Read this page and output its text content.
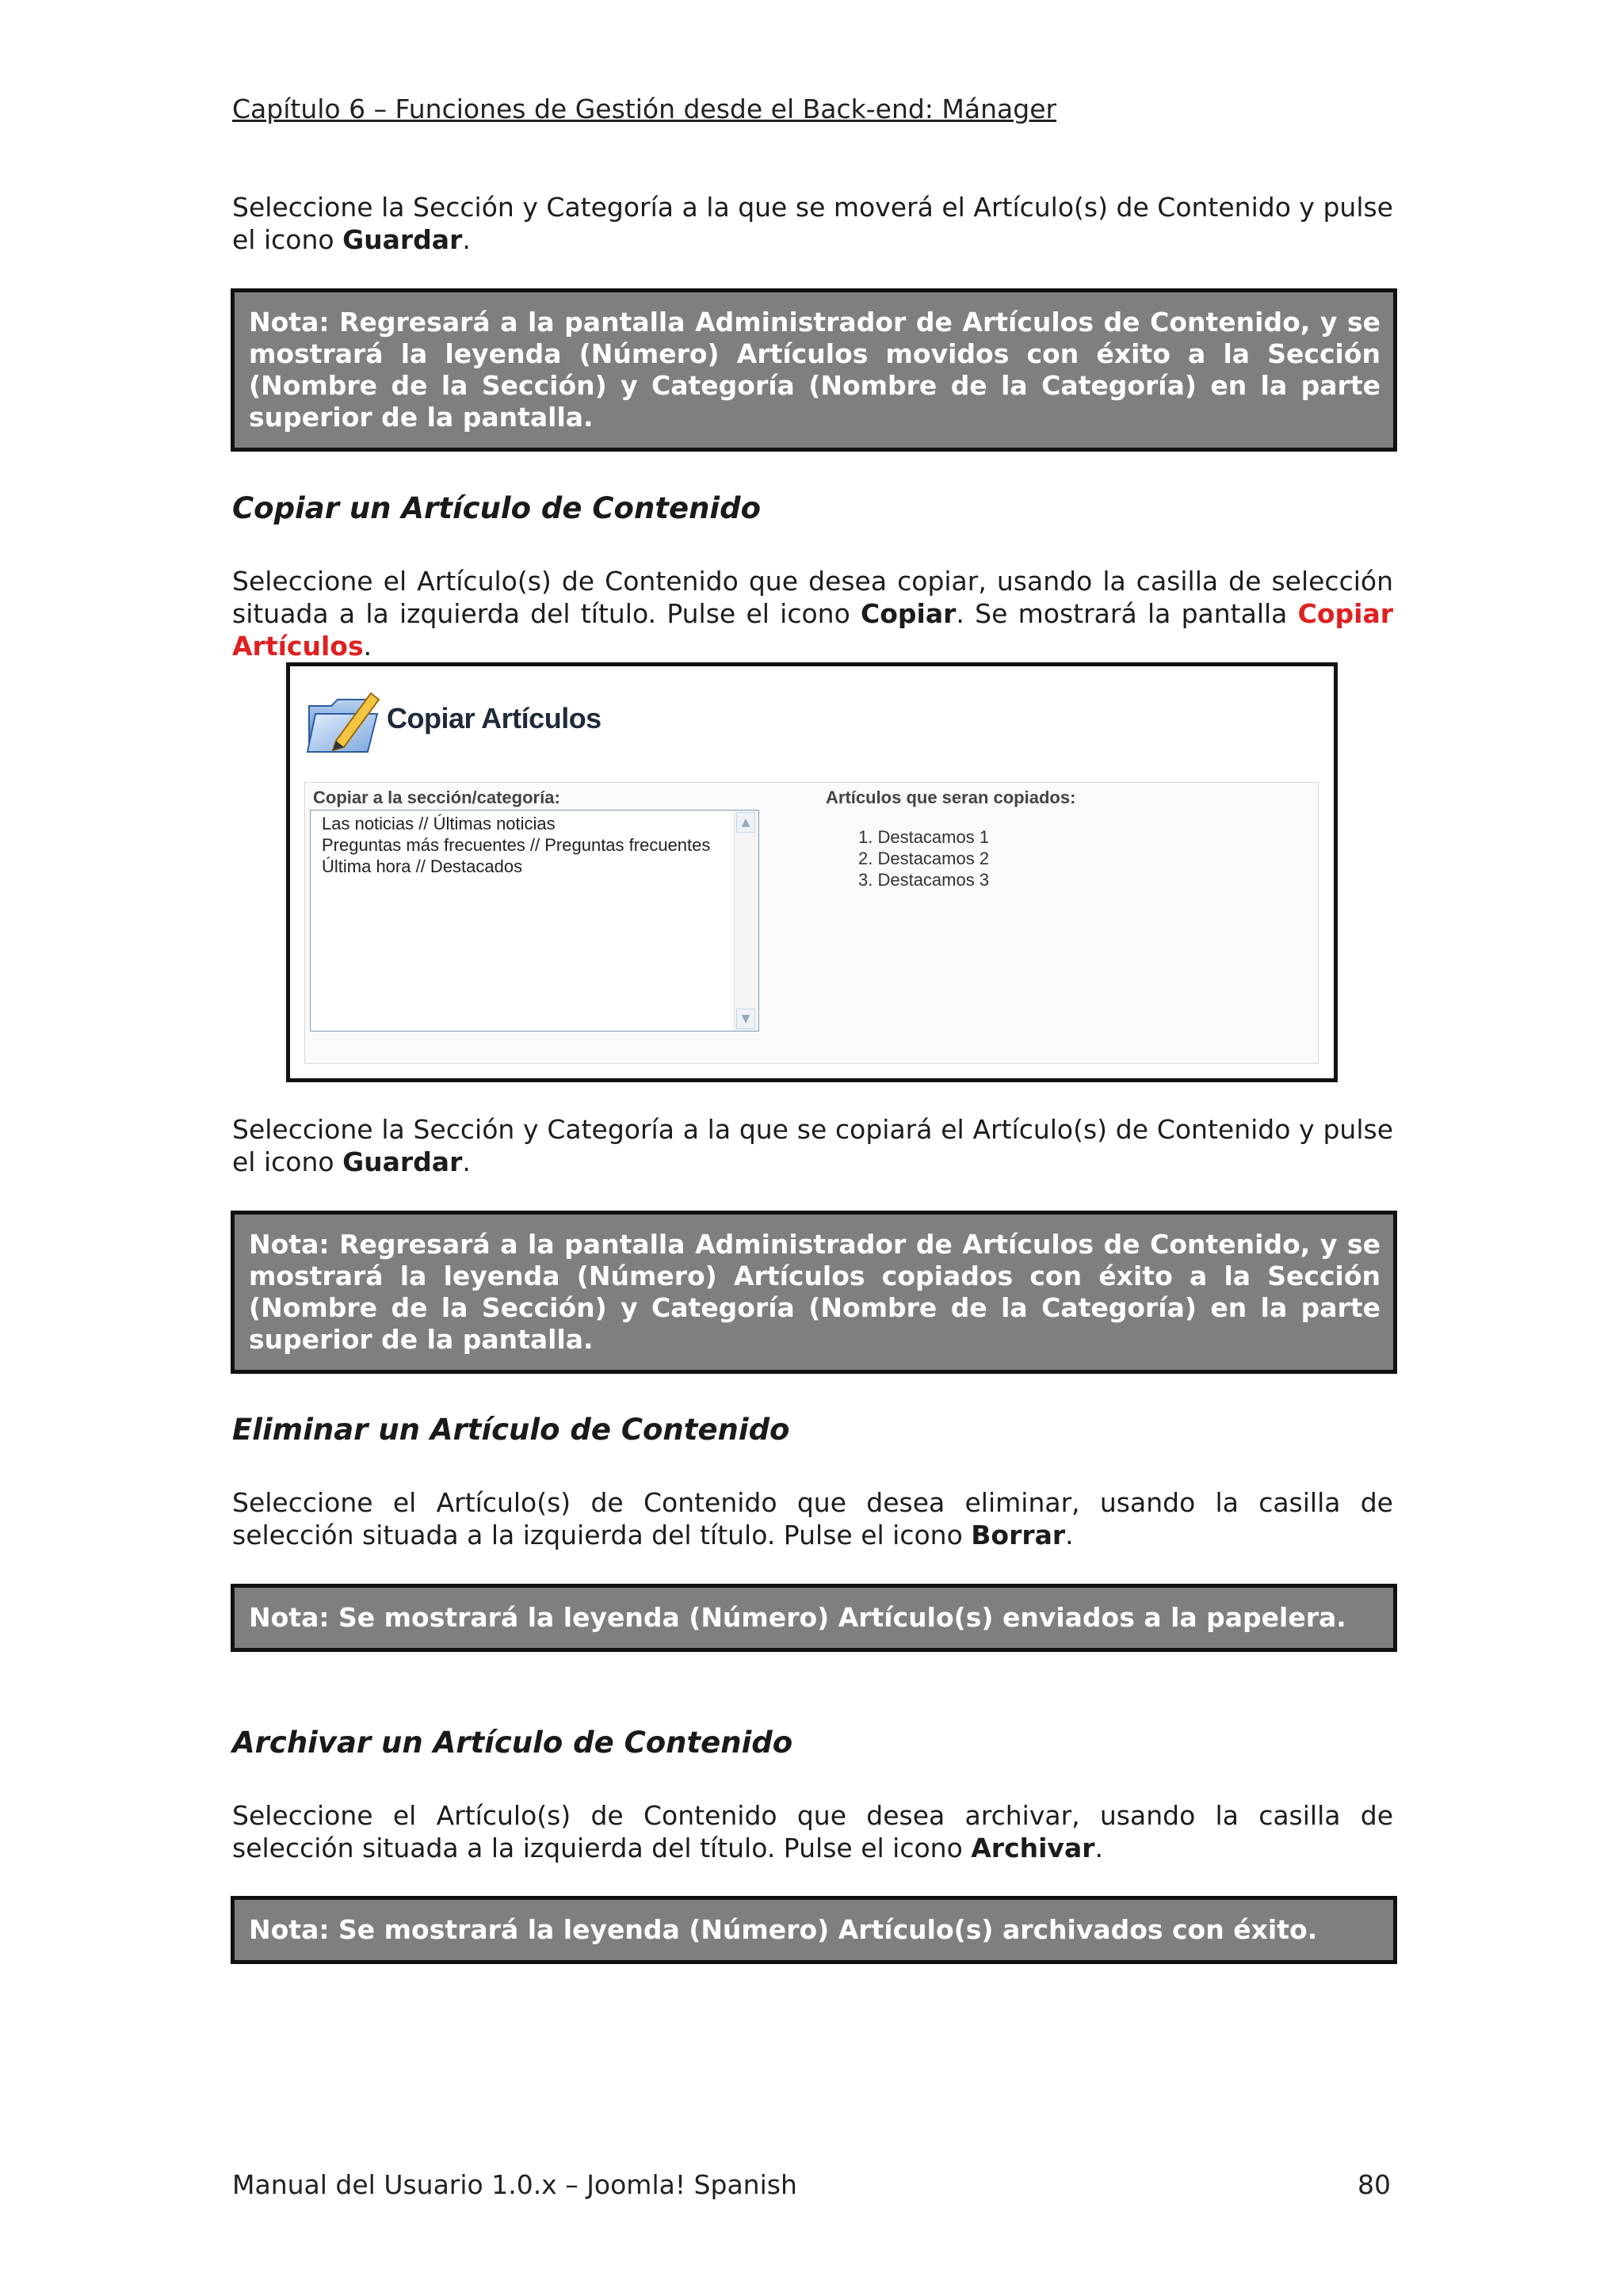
Capítulo 6 – Funciones de Gestión desde el Back-end: Mánager
Seleccione la Sección y Categoría a la que se moverá el Artículo(s) de Contenido y pulse el icono Guardar.
Nota: Regresará a la pantalla Administrador de Artículos de Contenido, y se mostrará la leyenda (Número) Artículos movidos con éxito a la Sección (Nombre de la Sección) y Categoría (Nombre de la Categoría) en la parte superior de la pantalla.
Copiar un Artículo de Contenido
Seleccione el Artículo(s) de Contenido que desea copiar, usando la casilla de selección situada a la izquierda del título. Pulse el icono Copiar. Se mostrará la pantalla Copiar Artículos.
Copiar Artículos
Copiar a la sección/categoría:
Las noticias // Últimas noticias
Preguntas más frecuentes // Preguntas frecuentes
Última hora // Destacados
▲
▼
Artículos que seran copiados:
1. Destacamos 1
2. Destacamos 2
3. Destacamos 3
Seleccione la Sección y Categoría a la que se copiará el Artículo(s) de Contenido y pulse el icono Guardar.
Nota: Regresará a la pantalla Administrador de Artículos de Contenido, y se mostrará la leyenda (Número) Artículos copiados con éxito a la Sección (Nombre de la Sección) y Categoría (Nombre de la Categoría) en la parte superior de la pantalla.
Eliminar un Artículo de Contenido
Seleccione el Artículo(s) de Contenido que desea eliminar, usando la casilla de selección situada a la izquierda del título. Pulse el icono Borrar.
Nota: Se mostrará la leyenda (Número) Artículo(s) enviados a la papelera.
Archivar un Artículo de Contenido
Seleccione el Artículo(s) de Contenido que desea archivar, usando la casilla de selección situada a la izquierda del título. Pulse el icono Archivar.
Nota: Se mostrará la leyenda (Número) Artículo(s) archivados con éxito.
Manual del Usuario 1.0.x – Joomla! Spanish	80
